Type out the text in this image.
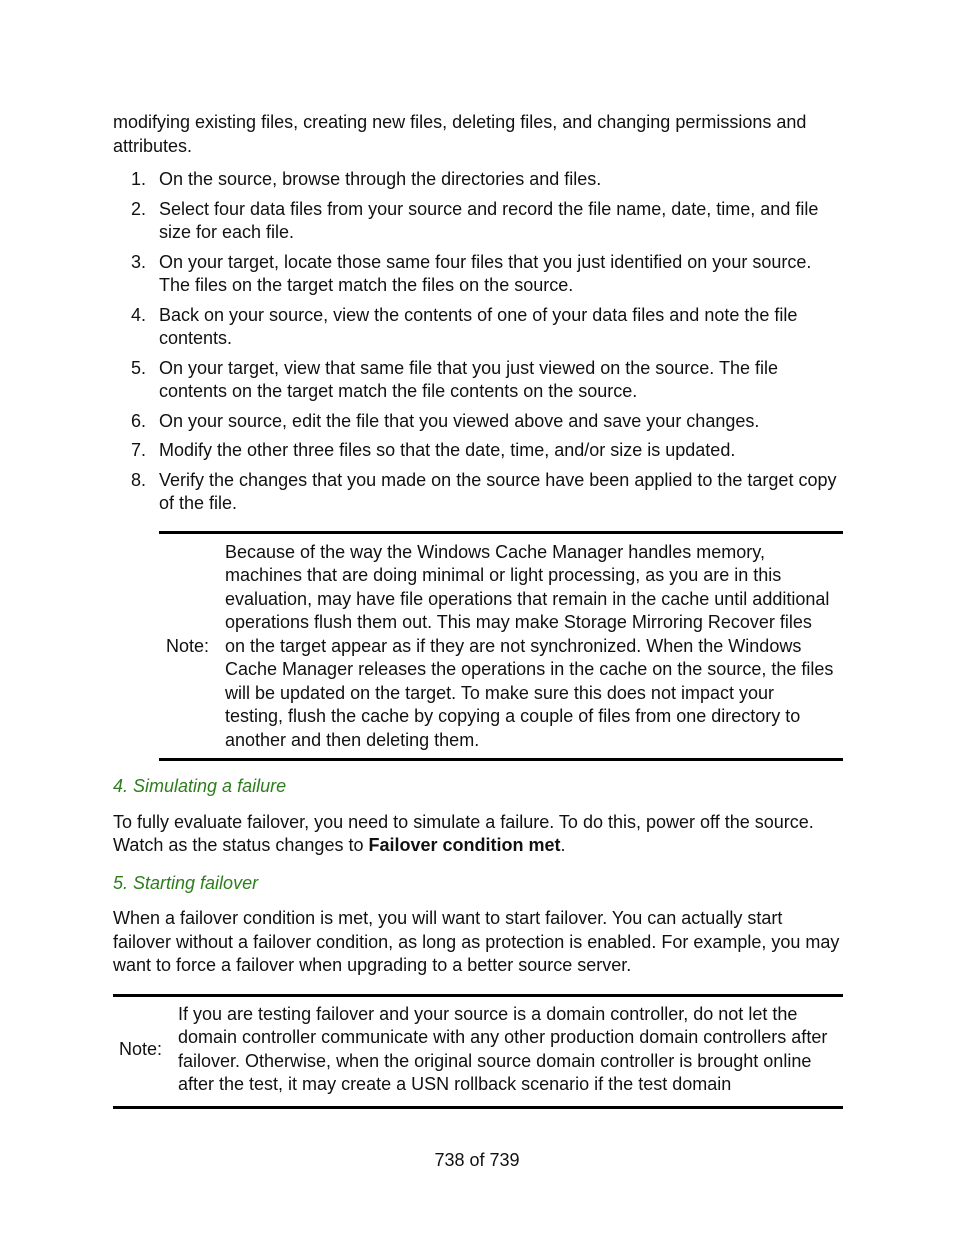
modifying existing files, creating new files, deleting files, and changing permissions and attributes.

1. On the source, browse through the directories and files.
2. Select four data files from your source and record the file name, date, time, and file size for each file.
3. On your target, locate those same four files that you just identified on your source. The files on the target match the files on the source.
4. Back on your source, view the contents of one of your data files and note the file contents.
5. On your target, view that same file that you just viewed on the source. The file contents on the target match the file contents on the source.
6. On your source, edit the file that you viewed above and save your changes.
7. Modify the other three files so that the date, time, and/or size is updated.
8. Verify the changes that you made on the source have been applied to the target copy of the file.
Note:
Because of the way the Windows Cache Manager handles memory, machines that are doing minimal or light processing, as you are in this evaluation, may have file operations that remain in the cache until additional operations flush them out. This may make Storage Mirroring Recover files on the target appear as if they are not synchronized. When the Windows Cache Manager releases the operations in the cache on the source, the files will be updated on the target. To make sure this does not impact your testing, flush the cache by copying a couple of files from one directory to another and then deleting them.
4. Simulating a failure

To fully evaluate failover, you need to simulate a failure. To do this, power off the source. Watch as the status changes to Failover condition met.

5. Starting failover

When a failover condition is met, you will want to start failover. You can actually start failover without a failover condition, as long as protection is enabled. For example, you may want to force a failover when upgrading to a better source server.

Note:
If you are testing failover and your source is a domain controller, do not let the domain controller communicate with any other production domain controllers after failover. Otherwise, when the original source domain controller is brought online after the test, it may create a USN rollback scenario if the test domain
738 of 739
